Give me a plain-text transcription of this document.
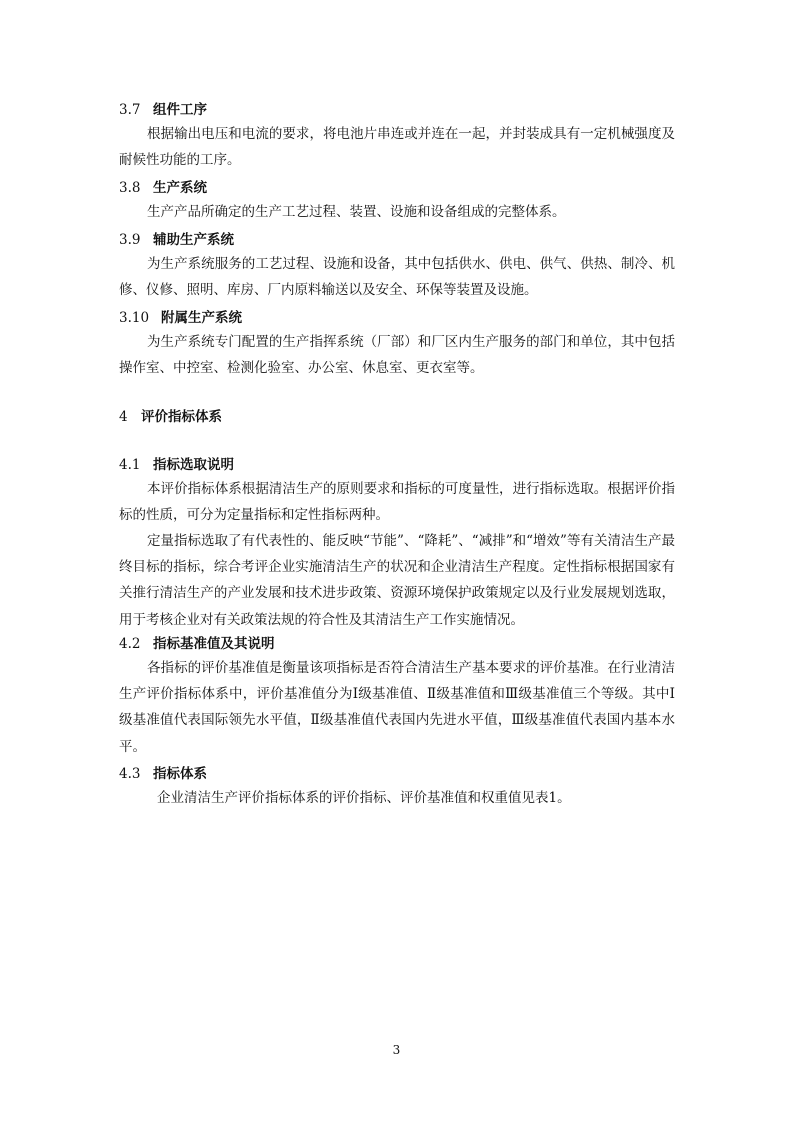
3.7 组件工序
根据输出电压和电流的要求，将电池片串连或并连在一起，并封装成具有一定机械强度及耐候性功能的工序。
3.8 生产系统
生产产品所确定的生产工艺过程、装置、设施和设备组成的完整体系。
3.9 辅助生产系统
为生产系统服务的工艺过程、设施和设备，其中包括供水、供电、供气、供热、制冷、机修、仪修、照明、库房、厂内原料输送以及安全、环保等装置及设施。
3.10 附属生产系统
为生产系统专门配置的生产指挥系统（厂部）和厂区内生产服务的部门和单位，其中包括操作室、中控室、检测化验室、办公室、休息室、更衣室等。
4 评价指标体系
4.1 指标选取说明
本评价指标体系根据清洁生产的原则要求和指标的可度量性，进行指标选取。根据评价指标的性质，可分为定量指标和定性指标两种。
定量指标选取了有代表性的、能反映“节能”、“降耗”、“减排”和“增效”等有关清洁生产最终目标的指标，综合考评企业实施清洁生产的状况和企业清洁生产程度。定性指标根据国家有关推行清洁生产的产业发展和技术进步政策、资源环境保护政策规定以及行业发展规划选取，用于考核企业对有关政策法规的符合性及其清洁生产工作实施情况。
4.2 指标基准值及其说明
各指标的评价基准值是衡量该项指标是否符合清洁生产基本要求的评价基准。在行业清洁生产评价指标体系中，评价基准值分为Ⅰ级基准值、Ⅱ级基准值和Ⅲ级基准值三个等级。其中Ⅰ级基准值代表国际领先水平值，Ⅱ级基准值代表国内先进水平值，Ⅲ级基准值代表国内基本水平。
4.3 指标体系
企业清洁生产评价指标体系的评价指标、评价基准值和权重值见表1。
3
